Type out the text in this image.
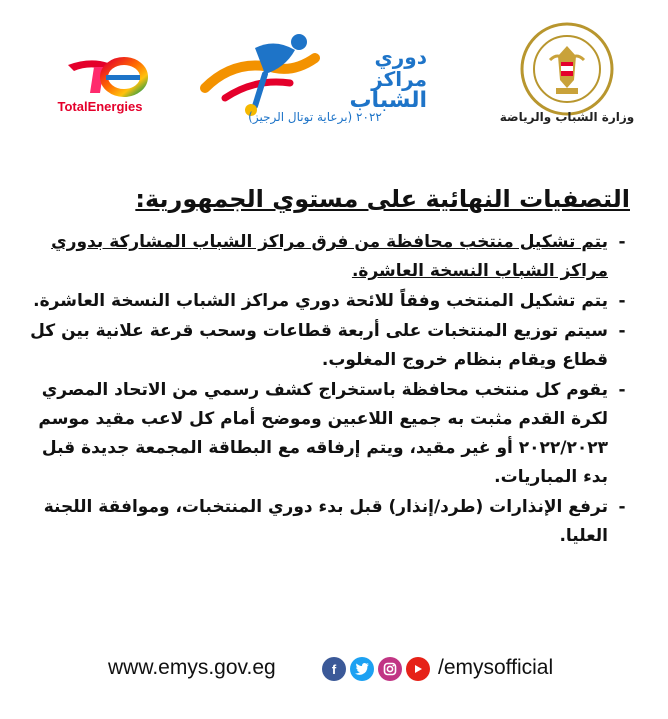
TotalEnergies
دوري
مراكز
الشباب
٢٠٢٢ (برعاية توتال الرجيز)	وزارة الشباب والرياضة
التصفيات النهائية على مستوي الجمهورية:
-
يتم تشكيل منتخب محافظة من فرق مراكز الشباب المشاركة بدوري مراكز الشباب النسخة العاشرة.
-
يتم تشكيل المنتخب وفقاً للائحة دوري مراكز الشباب النسخة العاشرة.
-
سيتم توزيع المنتخبات على أربعة قطاعات وسحب قرعة علانية بين كل قطاع ويقام بنظام خروج المغلوب.
-
يقوم كل منتخب محافظة باستخراج كشف رسمي من الاتحاد المصري لكرة القدم مثبت به جميع اللاعبين وموضح أمام كل لاعب مقيد موسم ٢٠٢٢/٢٠٢٣ أو غير مقيد، ويتم إرفاقه مع البطاقة المجمعة جديدة قبل بدء المباريات.
-
ترفع الإنذارات (طرد/إنذار) قبل بدء دوري المنتخبات، وموافقة اللجنة العليا.
www.emys.gov.eg	f	/emysofficial
